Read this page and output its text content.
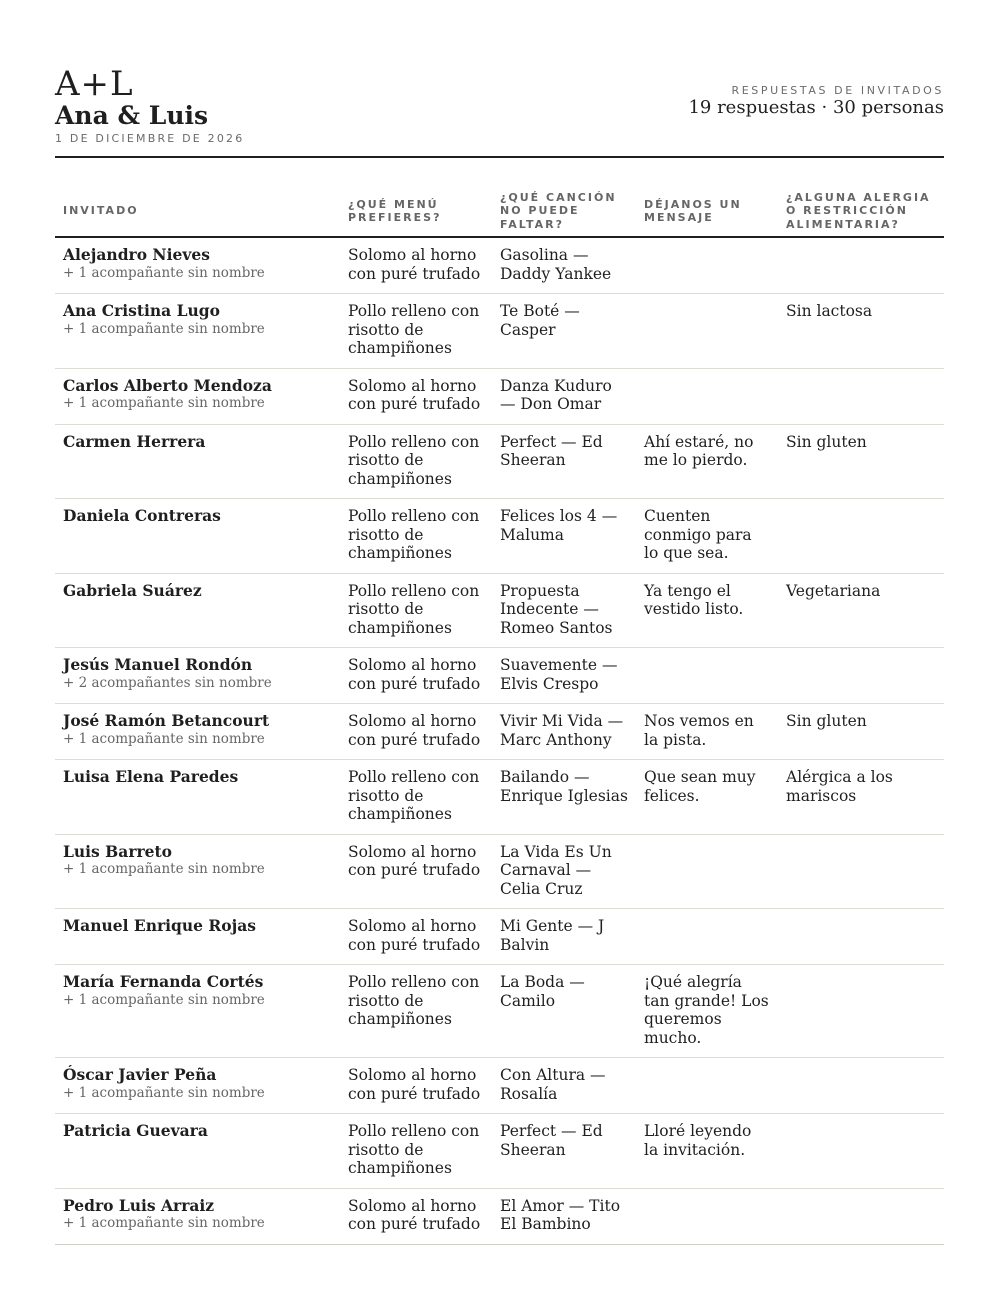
A+L
Ana & Luis
1 DE DICIEMBRE DE 2026
RESPUESTAS DE INVITADOS
19 respuestas · 30 personas
INVITADO	¿QUÉ MENÚ PREFIERES?	¿QUÉ CANCIÓN NO PUEDE FALTAR?	DÉJANOS UN MENSAJE	¿ALGUNA ALERGIA O RESTRICCIÓN ALIMENTARIA?

Alejandro Nieves
+ 1 acompañante sin nombre	Solomo al horno con puré trufado	Gasolina — Daddy Yankee		

Ana Cristina Lugo
+ 1 acompañante sin nombre	Pollo relleno con risotto de champiñones	Te Boté — Casper		Sin lactosa

Carlos Alberto Mendoza
+ 1 acompañante sin nombre	Solomo al horno con puré trufado	Danza Kuduro — Don Omar		

Carmen Herrera	Pollo relleno con risotto de champiñones	Perfect — Ed Sheeran	Ahí estaré, no me lo pierdo.	Sin gluten

Daniela Contreras	Pollo relleno con risotto de champiñones	Felices los 4 — Maluma	Cuenten conmigo para lo que sea.	

Gabriela Suárez	Pollo relleno con risotto de champiñones	Propuesta Indecente — Romeo Santos	Ya tengo el vestido listo.	Vegetariana

Jesús Manuel Rondón
+ 2 acompañantes sin nombre	Solomo al horno con puré trufado	Suavemente — Elvis Crespo		

José Ramón Betancourt
+ 1 acompañante sin nombre	Solomo al horno con puré trufado	Vivir Mi Vida — Marc Anthony	Nos vemos en la pista.	Sin gluten

Luisa Elena Paredes	Pollo relleno con risotto de champiñones	Bailando — Enrique Iglesias	Que sean muy felices.	Alérgica a los mariscos

Luis Barreto
+ 1 acompañante sin nombre	Solomo al horno con puré trufado	La Vida Es Un Carnaval — Celia Cruz		

Manuel Enrique Rojas	Solomo al horno con puré trufado	Mi Gente — J Balvin		

María Fernanda Cortés
+ 1 acompañante sin nombre	Pollo relleno con risotto de champiñones	La Boda — Camilo	¡Qué alegría tan grande! Los queremos mucho.	

Óscar Javier Peña
+ 1 acompañante sin nombre	Solomo al horno con puré trufado	Con Altura — Rosalía		

Patricia Guevara	Pollo relleno con risotto de champiñones	Perfect — Ed Sheeran	Lloré leyendo la invitación.	

Pedro Luis Arraiz
+ 1 acompañante sin nombre	Solomo al horno con puré trufado	El Amor — Tito El Bambino		
